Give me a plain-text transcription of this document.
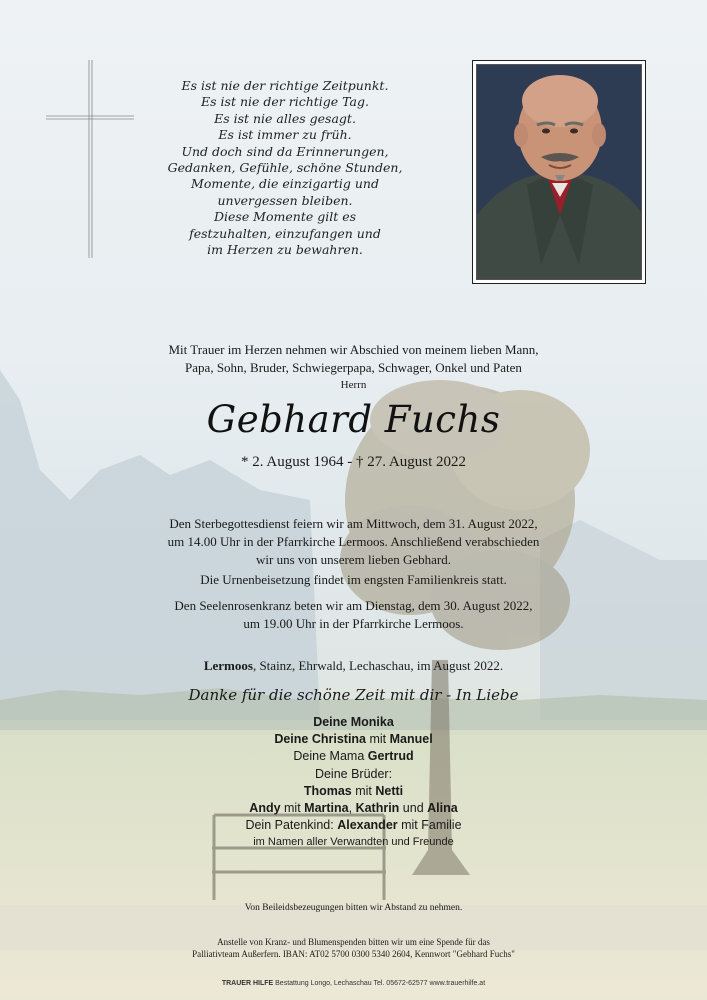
Es ist nie der richtige Zeitpunkt.
Es ist nie der richtige Tag.
Es ist nie alles gesagt.
Es ist immer zu früh.
Und doch sind da Erinnerungen,
Gedanken, Gefühle, schöne Stunden,
Momente, die einzigartig und
unvergessen bleiben.
Diese Momente gilt es
festzuhalten, einzufangen und
im Herzen zu bewahren.
Mit Trauer im Herzen nehmen wir Abschied von meinem lieben Mann,
Papa, Sohn, Bruder, Schwiegerpapa, Schwager, Onkel und Paten
Herrn
Gebhard Fuchs
* 2. August 1964 - † 27. August 2022
Den Sterbegottesdienst feiern wir am Mittwoch, dem 31. August 2022,
um 14.00 Uhr in der Pfarrkirche Lermoos. Anschließend verabschieden
wir uns von unserem lieben Gebhard.
Die Urnenbeisetzung findet im engsten Familienkreis statt.
Den Seelenrosenkranz beten wir am Dienstag, dem 30. August 2022,
um 19.00 Uhr in der Pfarrkirche Lermoos.
Lermoos, Stainz, Ehrwald, Lechaschau, im August 2022.
Danke für die schöne Zeit mit dir - In Liebe
Deine Monika
Deine Christina mit Manuel
Deine Mama Gertrud
Deine Brüder:
Thomas mit Netti
Andy mit Martina, Kathrin und Alina
Dein Patenkind: Alexander mit Familie
im Namen aller Verwandten und Freunde
Von Beileidsbezeugungen bitten wir Abstand zu nehmen.
Anstelle von Kranz- und Blumenspenden bitten wir um eine Spende für das
Palliativteam Außerfern. IBAN: AT02 5700 0300 5340 2604, Kennwort "Gebhard Fuchs"
TRAUER HILFE Bestattung Longo, Lechaschau Tel. 05672-62577 www.trauerhilfe.at
